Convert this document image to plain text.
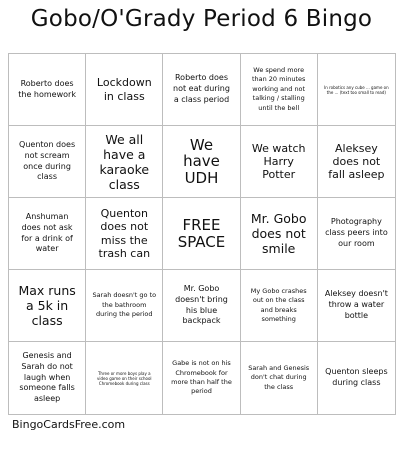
Gobo/O'Grady Period 6 Bingo
Roberto does the homework
Lockdown in class
Roberto does not eat during a class period
We spend more than 20 minutes working and not talking / stalling until the bell
In robotics any cube ... game on the ... (text too small to read)
Quenton does not scream once during class
We all have a karaoke class
We have UDH
We watch Harry Potter
Aleksey does not fall asleep
Anshuman does not ask for a drink of water
Quenton does not miss the trash can
FREE SPACE
Mr. Gobo does not smile
Photography class peers into our room
Max runs a 5k in class
Sarah doesn't go to the bathroom during the period
Mr. Gobo doesn't bring his blue backpack
My Gobo crashes out on the class and breaks something
Aleksey doesn't throw a water bottle
Genesis and Sarah do not laugh when someone falls asleep
Three or more boys play a video game on their school Chromebook during class
Gabe is not on his Chromebook for more than half the period
Sarah and Genesis don't chat during the class
Quenton sleeps during class
BingoCardsFree.com
